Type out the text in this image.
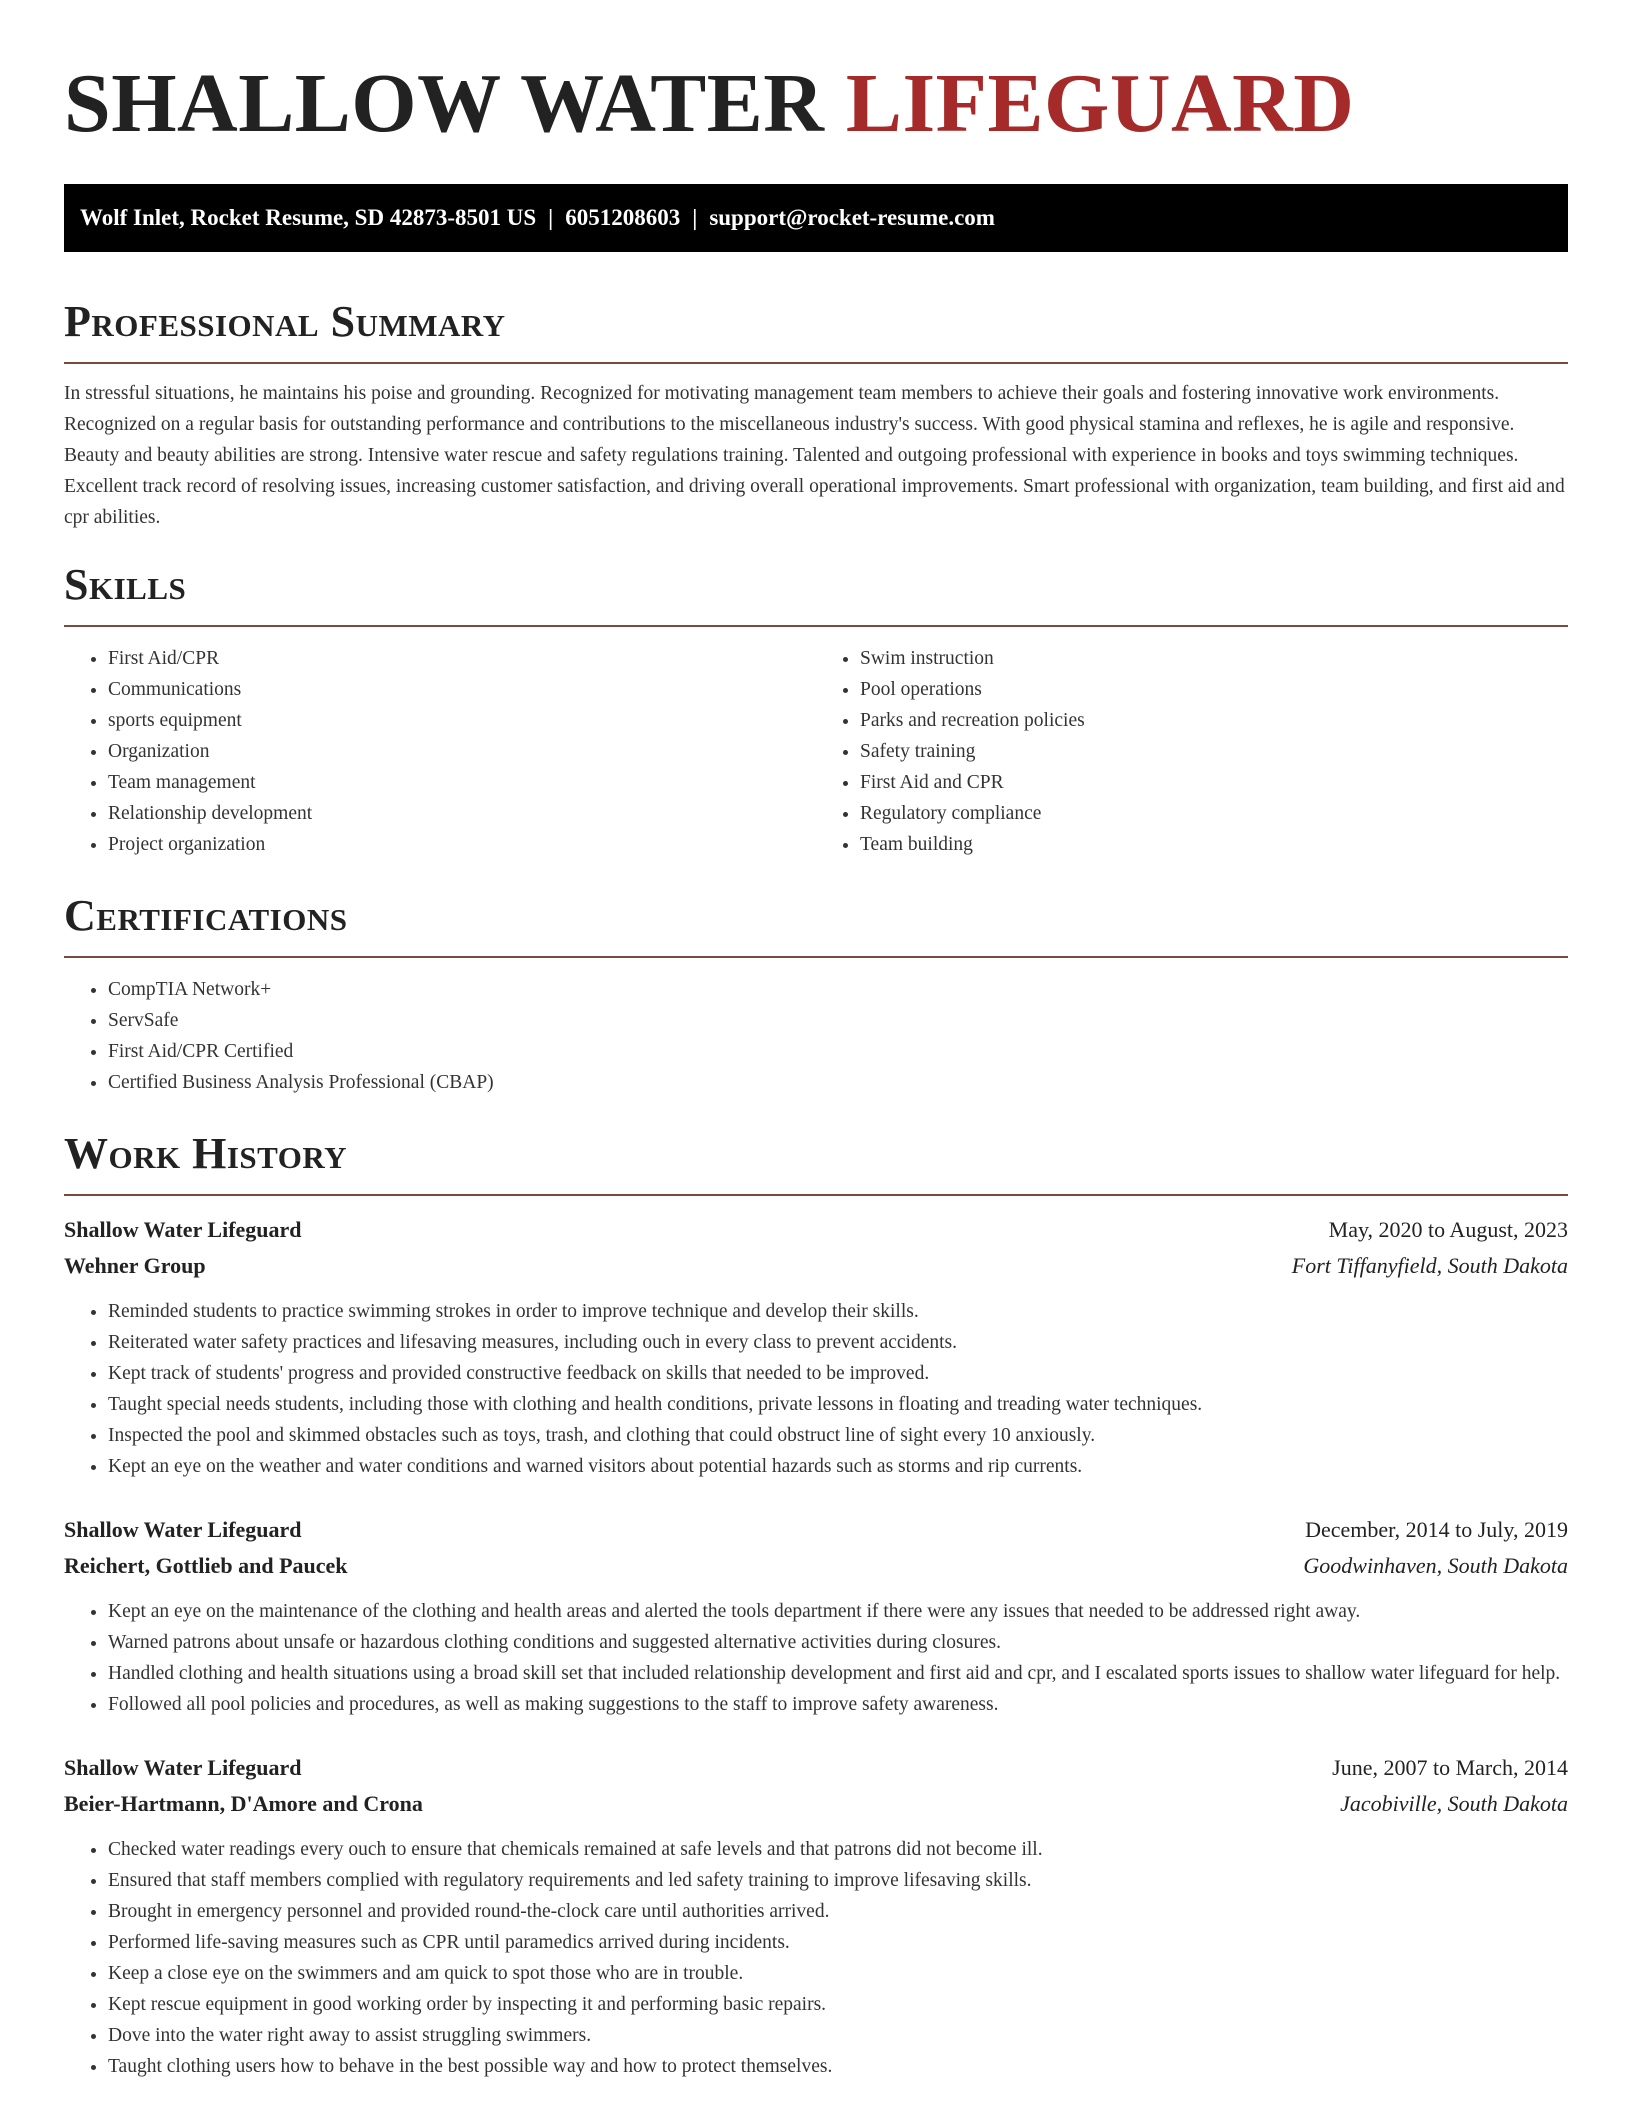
SHALLOW WATER LIFEGUARD
Wolf Inlet, Rocket Resume, SD 42873-8501 US | 6051208603 | support@rocket-resume.com
Professional Summary

In stressful situations, he maintains his poise and grounding. Recognized for motivating management team members to achieve their goals and fostering innovative work environments. Recognized on a regular basis for outstanding performance and contributions to the miscellaneous industry's success. With good physical stamina and reflexes, he is agile and responsive. Beauty and beauty abilities are strong. Intensive water rescue and safety regulations training. Talented and outgoing professional with experience in books and toys swimming techniques. Excellent track record of resolving issues, increasing customer satisfaction, and driving overall operational improvements. Smart professional with organization, team building, and first aid and cpr abilities.

Skills
• First Aid/CPR
• Communications
• sports equipment
• Organization
• Team management
• Relationship development
• Project organization
• Swim instruction
• Pool operations
• Parks and recreation policies
• Safety training
• First Aid and CPR
• Regulatory compliance
• Team building
Certifications
• CompTIA Network+
• ServSafe
• First Aid/CPR Certified
• Certified Business Analysis Professional (CBAP)
Work History
Shallow Water Lifeguard	May, 2020 to August, 2023
Wehner Group	Fort Tiffanyfield, South Dakota
• Reminded students to practice swimming strokes in order to improve technique and develop their skills.
• Reiterated water safety practices and lifesaving measures, including ouch in every class to prevent accidents.
• Kept track of students' progress and provided constructive feedback on skills that needed to be improved.
• Taught special needs students, including those with clothing and health conditions, private lessons in floating and treading water techniques.
• Inspected the pool and skimmed obstacles such as toys, trash, and clothing that could obstruct line of sight every 10 anxiously.
• Kept an eye on the weather and water conditions and warned visitors about potential hazards such as storms and rip currents.
Shallow Water Lifeguard	December, 2014 to July, 2019
Reichert, Gottlieb and Paucek	Goodwinhaven, South Dakota
• Kept an eye on the maintenance of the clothing and health areas and alerted the tools department if there were any issues that needed to be addressed right away.
• Warned patrons about unsafe or hazardous clothing conditions and suggested alternative activities during closures.
• Handled clothing and health situations using a broad skill set that included relationship development and first aid and cpr, and I escalated sports issues to shallow water lifeguard for help.
• Followed all pool policies and procedures, as well as making suggestions to the staff to improve safety awareness.
Shallow Water Lifeguard	June, 2007 to March, 2014
Beier-Hartmann, D'Amore and Crona	Jacobiville, South Dakota
• Checked water readings every ouch to ensure that chemicals remained at safe levels and that patrons did not become ill.
• Ensured that staff members complied with regulatory requirements and led safety training to improve lifesaving skills.
• Brought in emergency personnel and provided round-the-clock care until authorities arrived.
• Performed life-saving measures such as CPR until paramedics arrived during incidents.
• Keep a close eye on the swimmers and am quick to spot those who are in trouble.
• Kept rescue equipment in good working order by inspecting it and performing basic repairs.
• Dove into the water right away to assist struggling swimmers.
• Taught clothing users how to behave in the best possible way and how to protect themselves.
